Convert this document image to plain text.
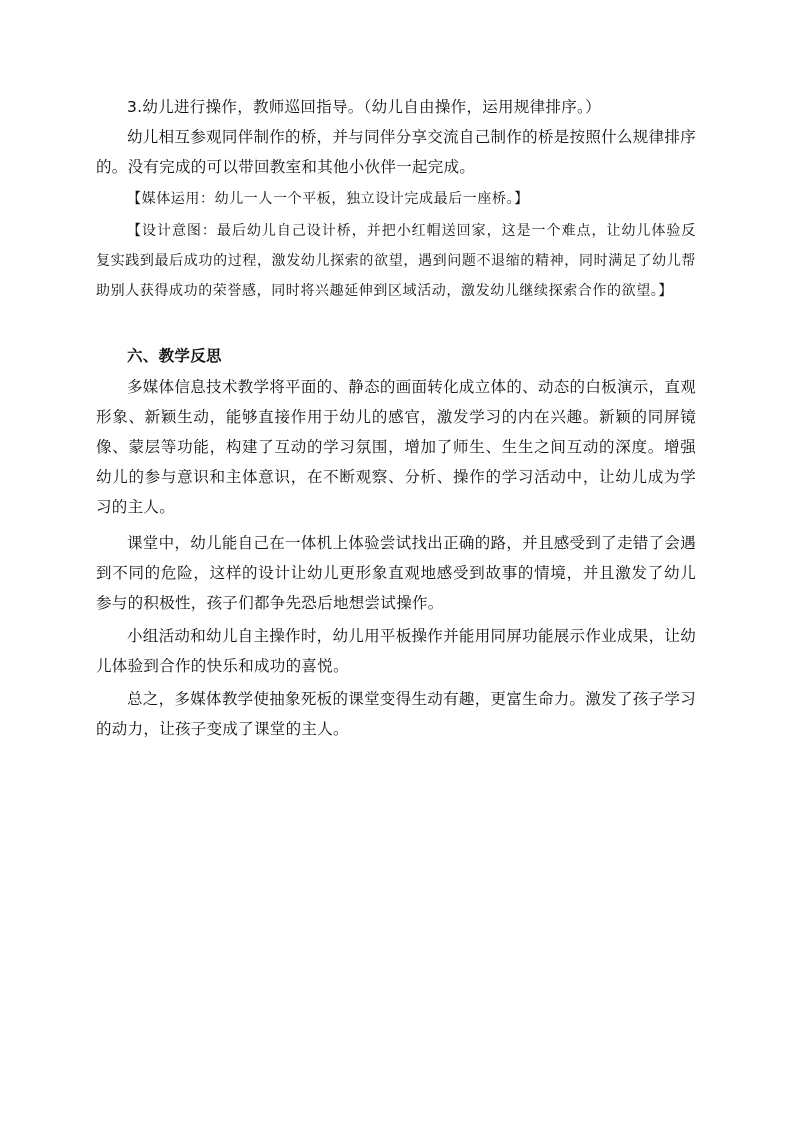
3.幼儿进行操作，教师巡回指导。（幼儿自由操作，运用规律排序。）

幼儿相互参观同伴制作的桥，并与同伴分享交流自己制作的桥是按照什么规律排序的。没有完成的可以带回教室和其他小伙伴一起完成。

【媒体运用：幼儿一人一个平板，独立设计完成最后一座桥。】

【设计意图：最后幼儿自己设计桥，并把小红帽送回家，这是一个难点，让幼儿体验反复实践到最后成功的过程，激发幼儿探索的欲望，遇到问题不退缩的精神，同时满足了幼儿帮助别人获得成功的荣誉感，同时将兴趣延伸到区域活动，激发幼儿继续探索合作的欲望。】

六、教学反思

多媒体信息技术教学将平面的、静态的画面转化成立体的、动态的白板演示，直观形象、新颖生动，能够直接作用于幼儿的感官，激发学习的内在兴趣。新颖的同屏镜像、蒙层等功能，构建了互动的学习氛围，增加了师生、生生之间互动的深度。增强幼儿的参与意识和主体意识，在不断观察、分析、操作的学习活动中，让幼儿成为学习的主人。

课堂中，幼儿能自己在一体机上体验尝试找出正确的路，并且感受到了走错了会遇到不同的危险，这样的设计让幼儿更形象直观地感受到故事的情境，并且激发了幼儿参与的积极性，孩子们都争先恐后地想尝试操作。

小组活动和幼儿自主操作时，幼儿用平板操作并能用同屏功能展示作业成果，让幼儿体验到合作的快乐和成功的喜悦。

总之，多媒体教学使抽象死板的课堂变得生动有趣，更富生命力。激发了孩子学习的动力，让孩子变成了课堂的主人。
